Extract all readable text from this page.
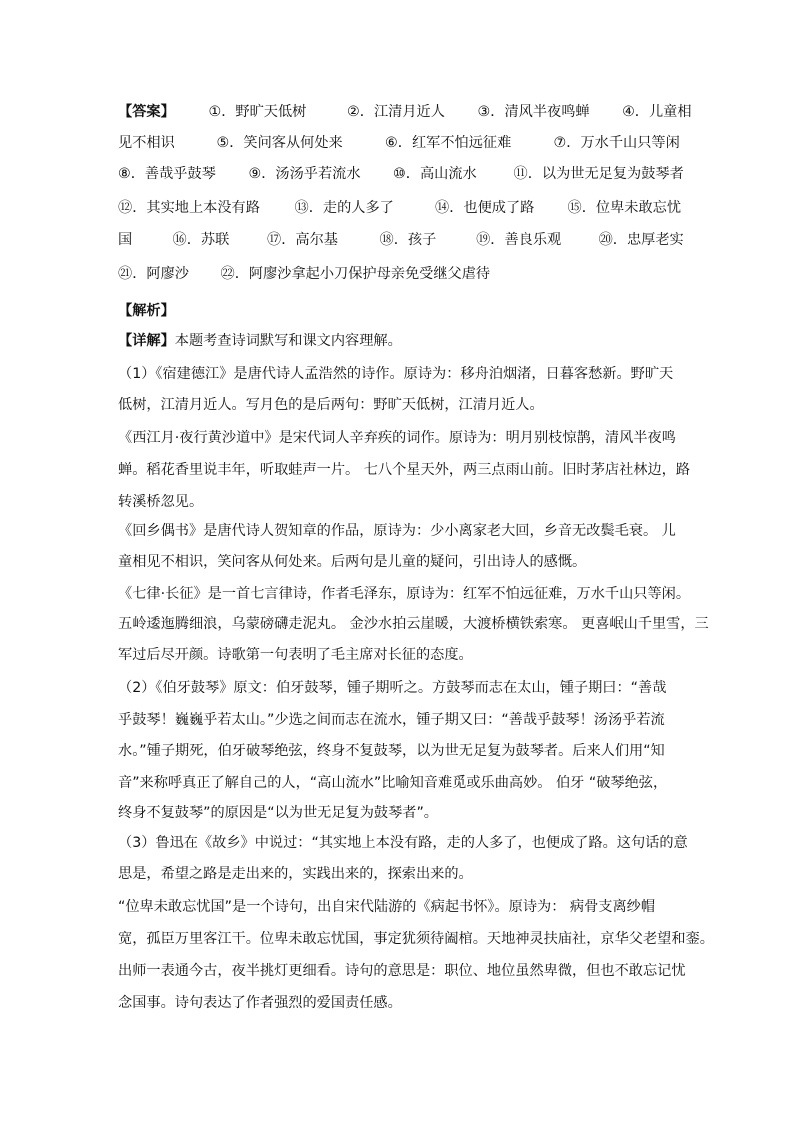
【答案】 ①．野旷天低树	②．江清月近人 ③．清风半夜鸣蝉 ④．儿童相
见不相识	⑤．笑问客从何处来	⑥．红军不怕远征难	⑦．万水千山只等闲
⑧．善哉乎鼓琴 ⑨．汤汤乎若流水 ⑩．高山流水	⑪．以为世无足复为鼓琴者
⑫．其实地上本没有路 ⑬．走的人多了	⑭．也便成了路 ⑮．位卑未敢忘忧
国	⑯．苏联	⑰．高尔基	⑱．孩子	⑲．善良乐观	⑳．忠厚老实
㉑．阿廖沙 ㉒．阿廖沙拿起小刀保护母亲免受继父虐待
【解析】
【详解】本题考查诗词默写和课文内容理解。
（1）《宿建德江》是唐代诗人孟浩然的诗作。原诗为：移舟泊烟渚，日暮客愁新。野旷天
低树，江清月近人。写月色的是后两句：野旷天低树，江清月近人。
《西江月·夜行黄沙道中》是宋代词人辛弃疾的词作。原诗为：明月别枝惊鹊，清风半夜鸣
蝉。稻花香里说丰年，听取蛙声一片。 七八个星天外，两三点雨山前。旧时茅店社林边，路
转溪桥忽见。
《回乡偶书》是唐代诗人贺知章的作品，原诗为：少小离家老大回，乡音无改鬓毛衰。 儿
童相见不相识，笑问客从何处来。后两句是儿童的疑问，引出诗人的感慨。
《七律·长征》是一首七言律诗，作者毛泽东，原诗为：红军不怕远征难，万水千山只等闲。
五岭逶迤腾细浪，乌蒙磅礴走泥丸。 金沙水拍云崖暖，大渡桥横铁索寒。 更喜岷山千里雪，三
军过后尽开颜。诗歌第一句表明了毛主席对长征的态度。
（2）《伯牙鼓琴》原文：伯牙鼓琴，锺子期听之。方鼓琴而志在太山，锺子期曰：“善哉
乎鼓琴！巍巍乎若太山。”少选之间而志在流水，锺子期又曰：“善哉乎鼓琴！汤汤乎若流
水。”锺子期死，伯牙破琴绝弦，终身不复鼓琴，以为世无足复为鼓琴者。后来人们用“知
音”来称呼真正了解自己的人，“高山流水”比喻知音难觅或乐曲高妙。 伯牙 “破琴绝弦，
终身不复鼓琴”的原因是“以为世无足复为鼓琴者”。
（3）鲁迅在《故乡》中说过：“其实地上本没有路，走的人多了，也便成了路。这句话的意
思是，希望之路是走出来的，实践出来的，探索出来的。
“位卑未敢忘忧国”是一个诗句，出自宋代陆游的《病起书怀》。原诗为： 病骨支离纱帽
宽，孤臣万里客江干。位卑未敢忘忧国，事定犹须待阖棺。天地神灵扶庙社，京华父老望和銮。
出师一表通今古，夜半挑灯更细看。诗句的意思是：职位、地位虽然卑微，但也不敢忘记忧
念国事。诗句表达了作者强烈的爱国责任感。
